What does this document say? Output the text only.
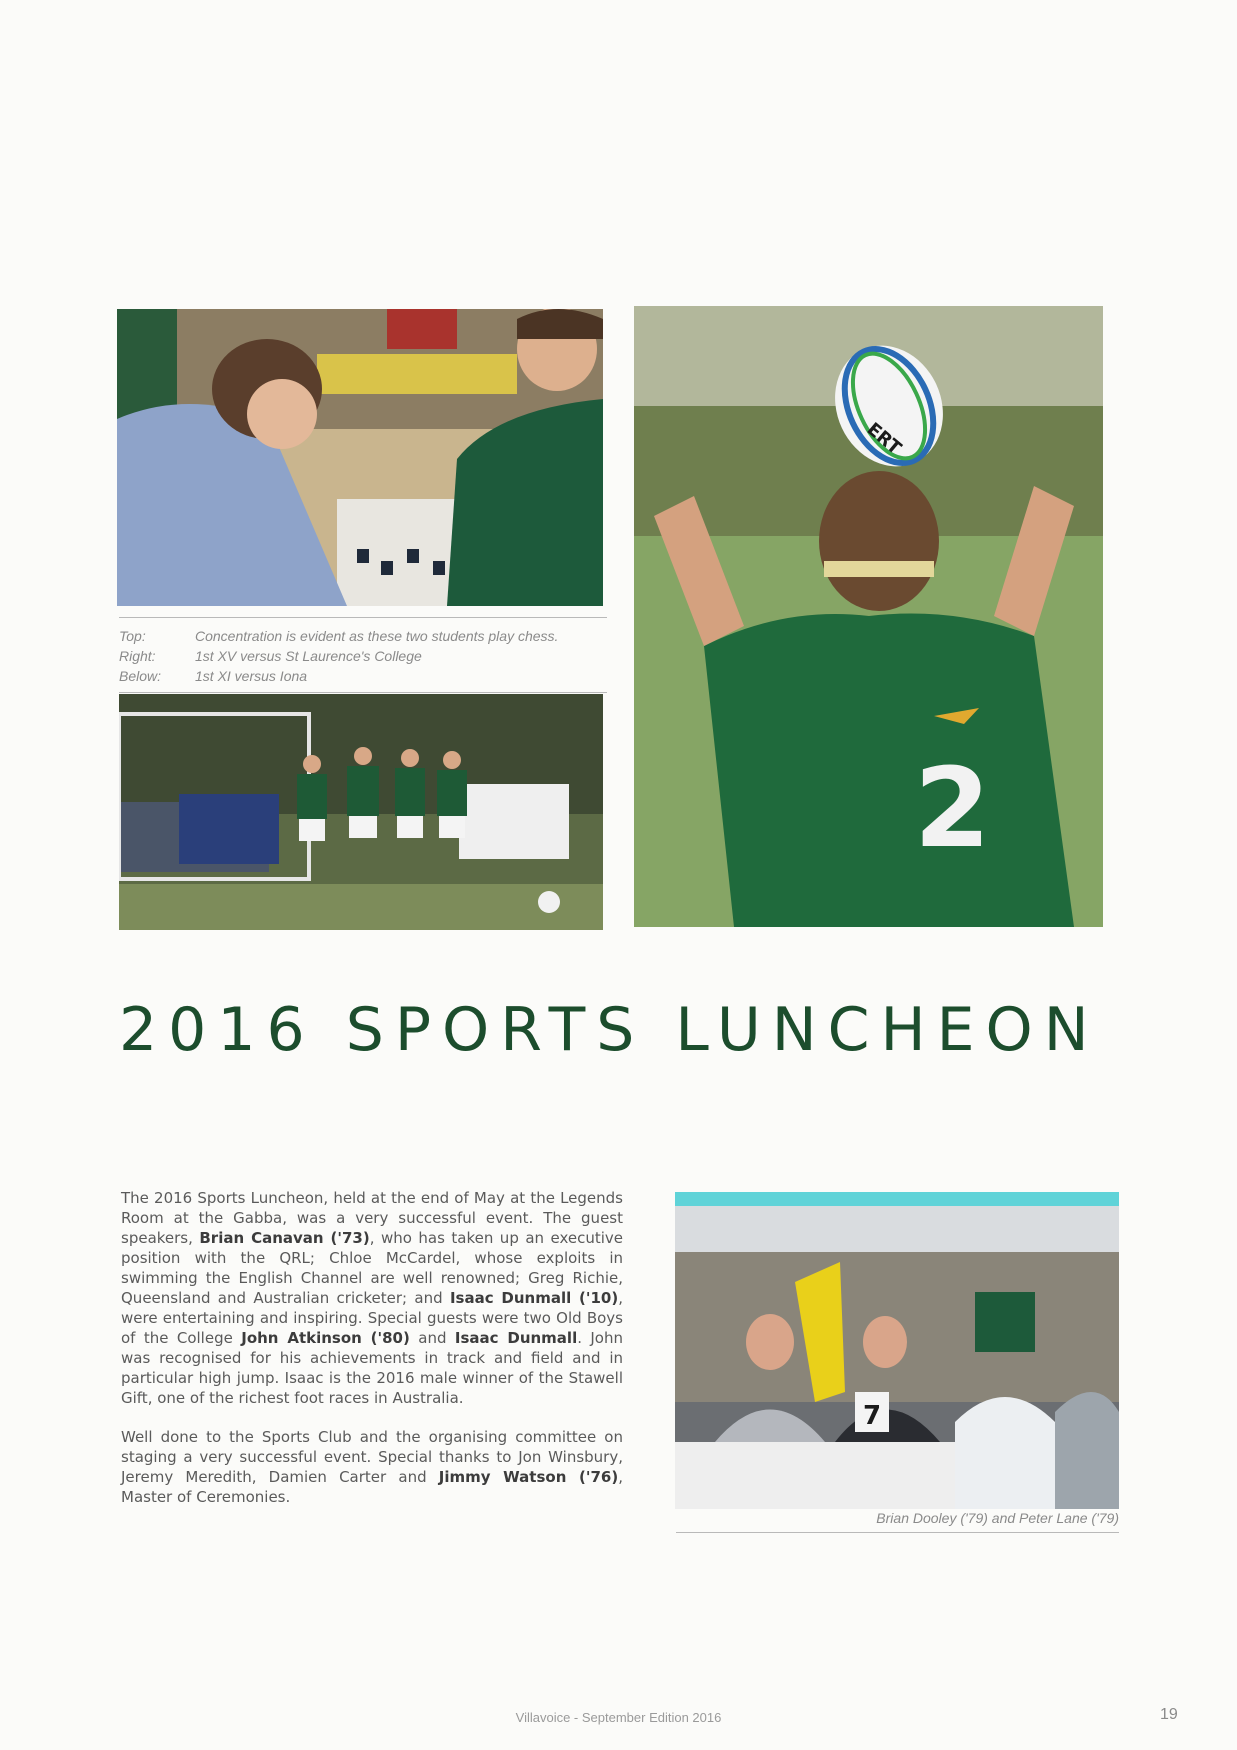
Top:	Concentration is evident as these two students play chess.
Right:	1st XV versus St Laurence's College
Below:	1st XI versus Iona
ERT
2
2016 SPORTS LUNCHEON

The 2016 Sports Luncheon, held at the end of May at the Legends Room at the Gabba, was a very successful event. The guest speakers, Brian Canavan ('73), who has taken up an executive position with the QRL; Chloe McCardel, whose exploits in swimming the English Channel are well renowned; Greg Richie, Queensland and Australian cricketer; and Isaac Dunmall ('10), were entertaining and inspiring. Special guests were two Old Boys of the College John Atkinson ('80) and Isaac Dunmall. John was recognised for his achievements in track and field and in particular high jump. Isaac is the 2016 male winner of the Stawell Gift, one of the richest foot races in Australia.

Well done to the Sports Club and the organising committee on staging a very successful event. Special thanks to Jon Winsbury, Jeremy Meredith, Damien Carter and Jimmy Watson ('76), Master of Ceremonies.

7
Brian Dooley ('79) and Peter Lane ('79)
Villavoice - September Edition 2016	19
